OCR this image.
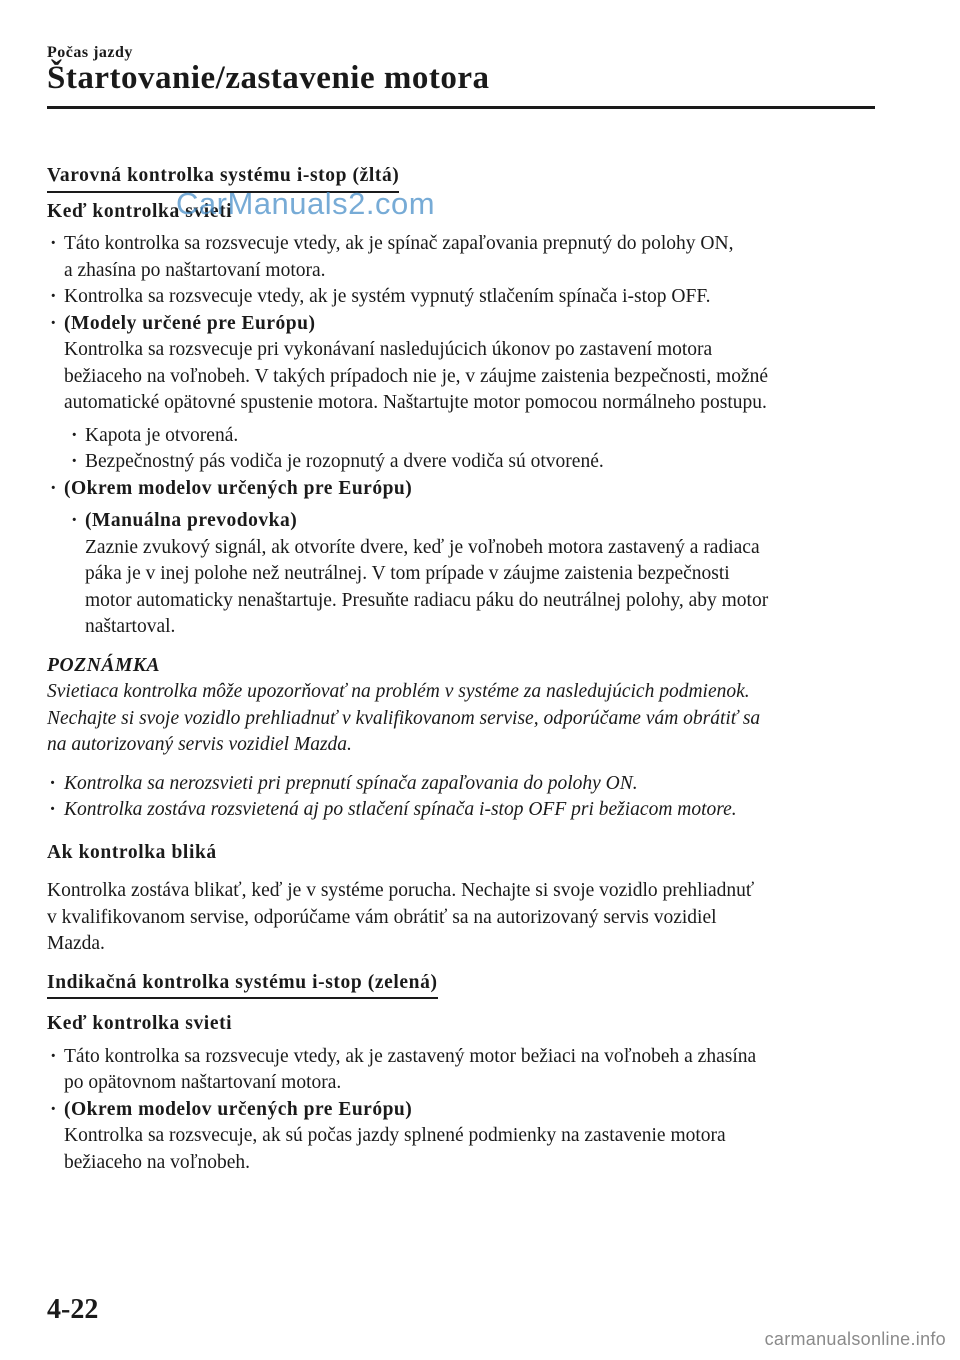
Počas jazdy
Štartovanie/zastavenie motora
Varovná kontrolka systému i-stop (žltá)
Keď kontrolka svieti
· Táto kontrolka sa rozsvecuje vtedy, ak je spínač zapaľovania prepnutý do polohy ON,
a zhasína po naštartovaní motora.
· Kontrolka sa rozsvecuje vtedy, ak je systém vypnutý stlačením spínača i-stop OFF.
· (Modely určené pre Európu)
Kontrolka sa rozsvecuje pri vykonávaní nasledujúcich úkonov po zastavení motora
bežiaceho na voľnobeh. V takých prípadoch nie je, v záujme zaistenia bezpečnosti, možné
automatické opätovné spustenie motora. Naštartujte motor pomocou normálneho postupu.
· Kapota je otvorená.
· Bezpečnostný pás vodiča je rozopnutý a dvere vodiča sú otvorené.
· (Okrem modelov určených pre Európu)
· (Manuálna prevodovka)
Zaznie zvukový signál, ak otvoríte dvere, keď je voľnobeh motora zastavený a radiaca
páka je v inej polohe než neutrálnej. V tom prípade v záujme zaistenia bezpečnosti
motor automaticky nenaštartuje. Presuňte radiacu páku do neutrálnej polohy, aby motor
naštartoval.
POZNÁMKA
Svietiaca kontrolka môže upozorňovať na problém v systéme za nasledujúcich podmienok.
Nechajte si svoje vozidlo prehliadnuť v kvalifikovanom servise, odporúčame vám obrátiť sa
na autorizovaný servis vozidiel Mazda.
· Kontrolka sa nerozsvieti pri prepnutí spínača zapaľovania do polohy ON.
· Kontrolka zostáva rozsvietená aj po stlačení spínača i-stop OFF pri bežiacom motore.
Ak kontrolka bliká
Kontrolka zostáva blikať, keď je v systéme porucha. Nechajte si svoje vozidlo prehliadnuť
v kvalifikovanom servise, odporúčame vám obrátiť sa na autorizovaný servis vozidiel
Mazda.
Indikačná kontrolka systému i-stop (zelená)
Keď kontrolka svieti
· Táto kontrolka sa rozsvecuje vtedy, ak je zastavený motor bežiaci na voľnobeh a zhasína
po opätovnom naštartovaní motora.
· (Okrem modelov určených pre Európu)
Kontrolka sa rozsvecuje, ak sú počas jazdy splnené podmienky na zastavenie motora
bežiaceho na voľnobeh.
CarManuals2.com
4-22
carmanualsonline.info
